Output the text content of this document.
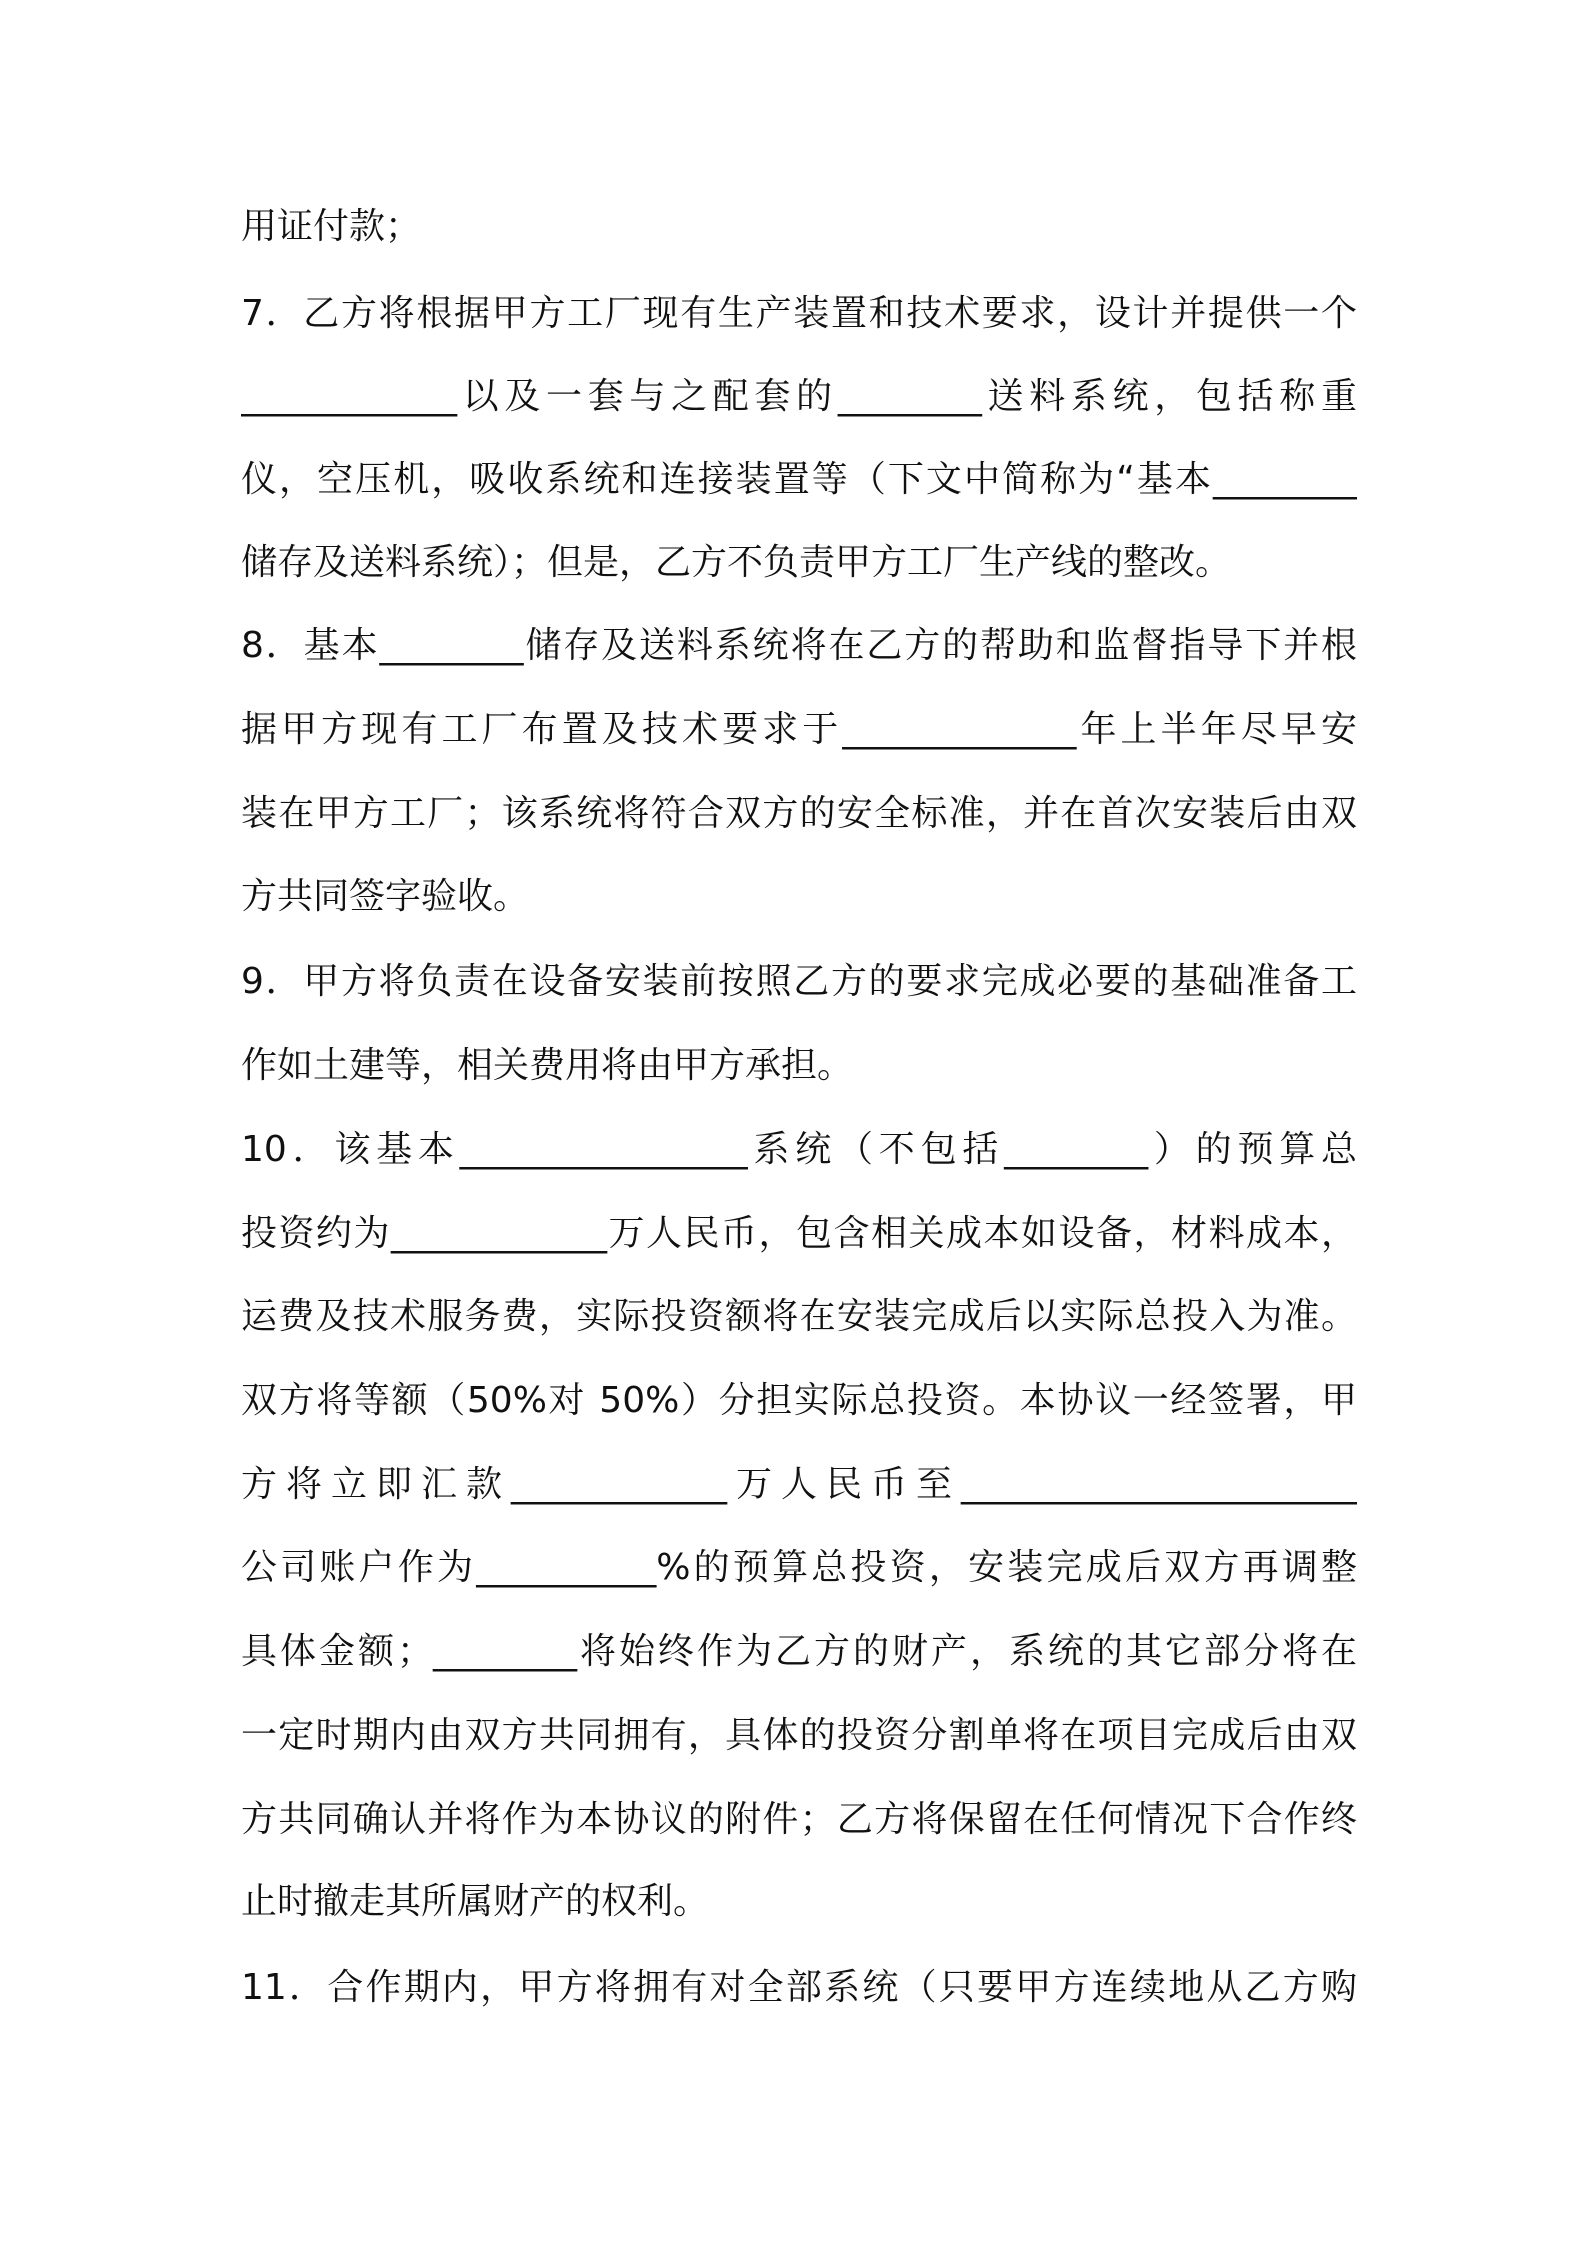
用证付款；
7．乙方将根据甲方工厂现有生产装置和技术要求，设计并提供一个
____________以及一套与之配套的________送料系统，包括称重
仪，空压机，吸收系统和连接装置等（下文中简称为“基本________
储存及送料系统）；但是，乙方不负责甲方工厂生产线的整改。
8．基本________储存及送料系统将在乙方的帮助和监督指导下并根
据甲方现有工厂布置及技术要求于_____________年上半年尽早安
装在甲方工厂；该系统将符合双方的安全标准，并在首次安装后由双
方共同签字验收。
9．甲方将负责在设备安装前按照乙方的要求完成必要的基础准备工
作如土建等，相关费用将由甲方承担。
10．该基本________________系统（不包括________）的预算总
投资约为____________万人民币，包含相关成本如设备，材料成本，
运费及技术服务费，实际投资额将在安装完成后以实际总投入为准。
双方将等额（50%对 50%）分担实际总投资。本协议一经签署，甲
方将立即汇款____________万人民币至______________________
公司账户作为__________%的预算总投资，安装完成后双方再调整
具体金额；________将始终作为乙方的财产，系统的其它部分将在
一定时期内由双方共同拥有，具体的投资分割单将在项目完成后由双
方共同确认并将作为本协议的附件；乙方将保留在任何情况下合作终
止时撤走其所属财产的权利。
11．合作期内，甲方将拥有对全部系统（只要甲方连续地从乙方购
